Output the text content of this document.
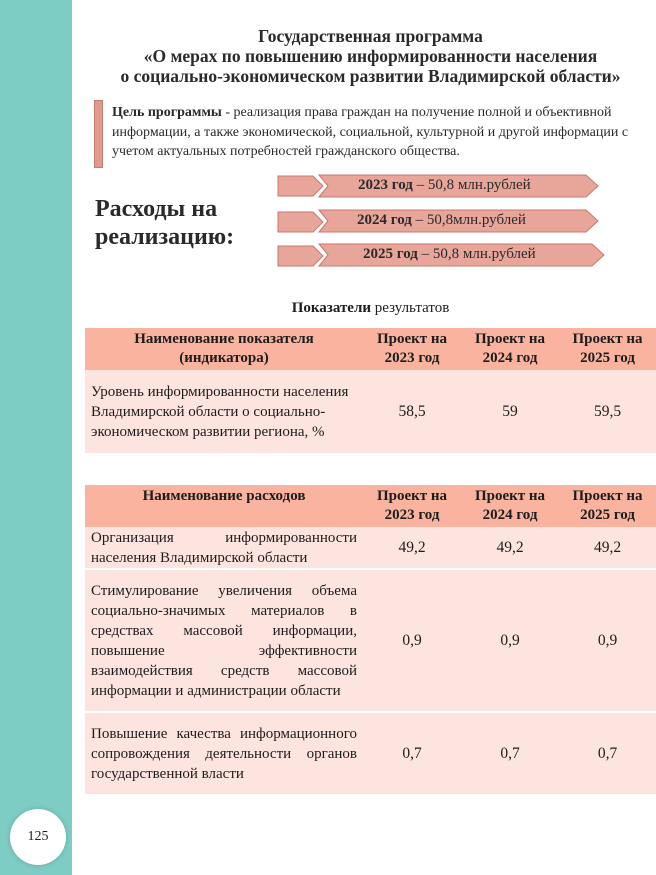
125
Государственная программа
«О мерах по повышению информированности населения
о социально-экономическом развитии Владимирской области»
Цель программы - реализация права граждан на получение полной и объективной информации, а также экономической, социальной, культурной и другой информации с учетом актуальных потребностей гражданского общества.
Расходы на
реализацию:
2023 год – 50,8 млн.рублей
2024 год – 50,8млн.рублей
2025 год – 50,8 млн.рублей
Показатели результатов
Наименование показателя (индикатора)	Проект на 2023 год	Проект на 2024 год	Проект на 2025 год
Уровень информированности населения Владимирской области о социально-экономическом развитии региона, %	58,5	59	59,5
Наименование расходов	Проект на 2023 год	Проект на 2024 год	Проект на 2025 год
Организация информированности населения Владимирской области	49,2	49,2	49,2

Стимулирование увеличения объема социально-значимых материалов в средствах массовой информации, повышение эффективности взаимодействия средств массовой информации и администрации области	0,9	0,9	0,9

Повышение качества информационного сопровождения деятельности органов государственной власти	0,7	0,7	0,7
